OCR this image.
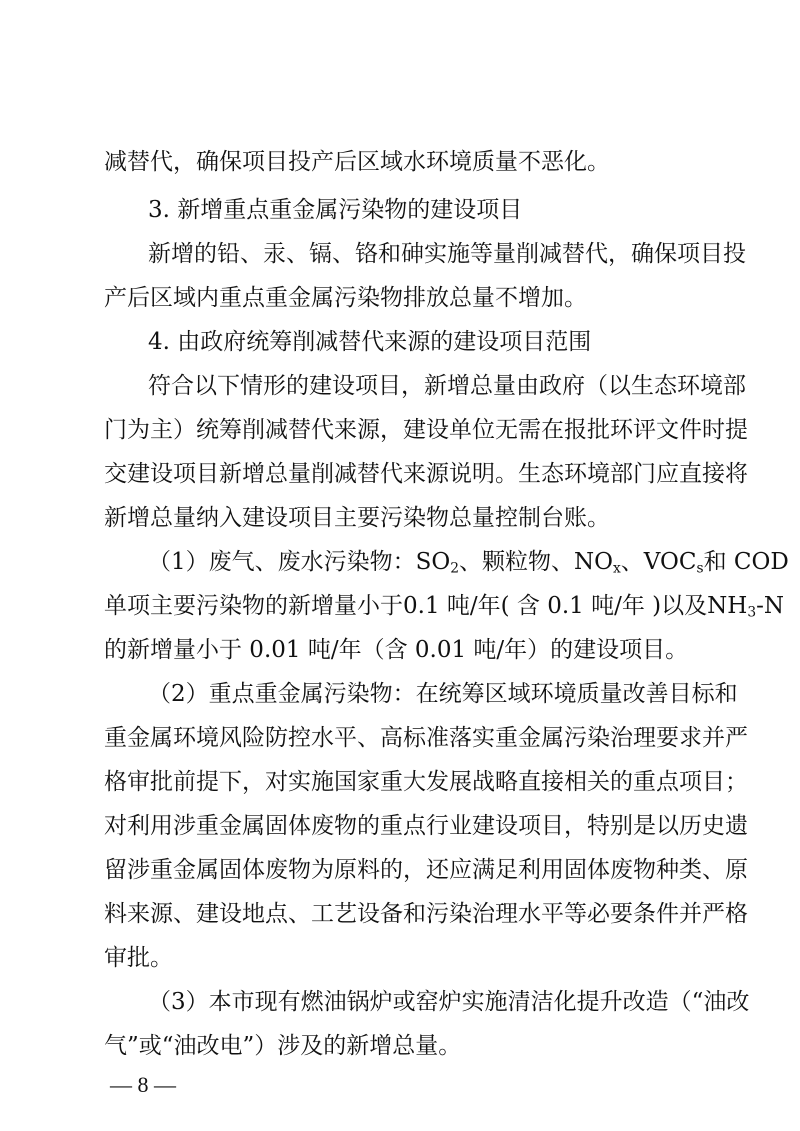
减替代，确保项目投产后区域水环境质量不恶化。
3. 新增重点重金属污染物的建设项目
新增的铅、汞、镉、铬和砷实施等量削减替代，确保项目投
产后区域内重点重金属污染物排放总量不增加。
4. 由政府统筹削减替代来源的建设项目范围
符合以下情形的建设项目，新增总量由政府（以生态环境部
门为主）统筹削减替代来源，建设单位无需在报批环评文件时提
交建设项目新增总量削减替代来源说明。生态环境部门应直接将
新增总量纳入建设项目主要污染物总量控制台账。
（1）废气、废水污染物：$SO_2$、颗粒物、$NO_x$、$VOC_s$和 COD
单项主要污染物的新增量小于0.1 吨/年( 含 0.1 吨/年 )以及$NH_3-N$
的新增量小于 0.01 吨/年（含 0.01 吨/年）的建设项目。
（2）重点重金属污染物：在统筹区域环境质量改善目标和
重金属环境风险防控水平、高标准落实重金属污染治理要求并严
格审批前提下，对实施国家重大发展战略直接相关的重点项目；
对利用涉重金属固体废物的重点行业建设项目，特别是以历史遗
留涉重金属固体废物为原料的，还应满足利用固体废物种类、原
料来源、建设地点、工艺设备和污染治理水平等必要条件并严格
审批。
（3）本市现有燃油锅炉或窑炉实施清洁化提升改造（“油改
气”或“油改电”）涉及的新增总量。
— 8 —
